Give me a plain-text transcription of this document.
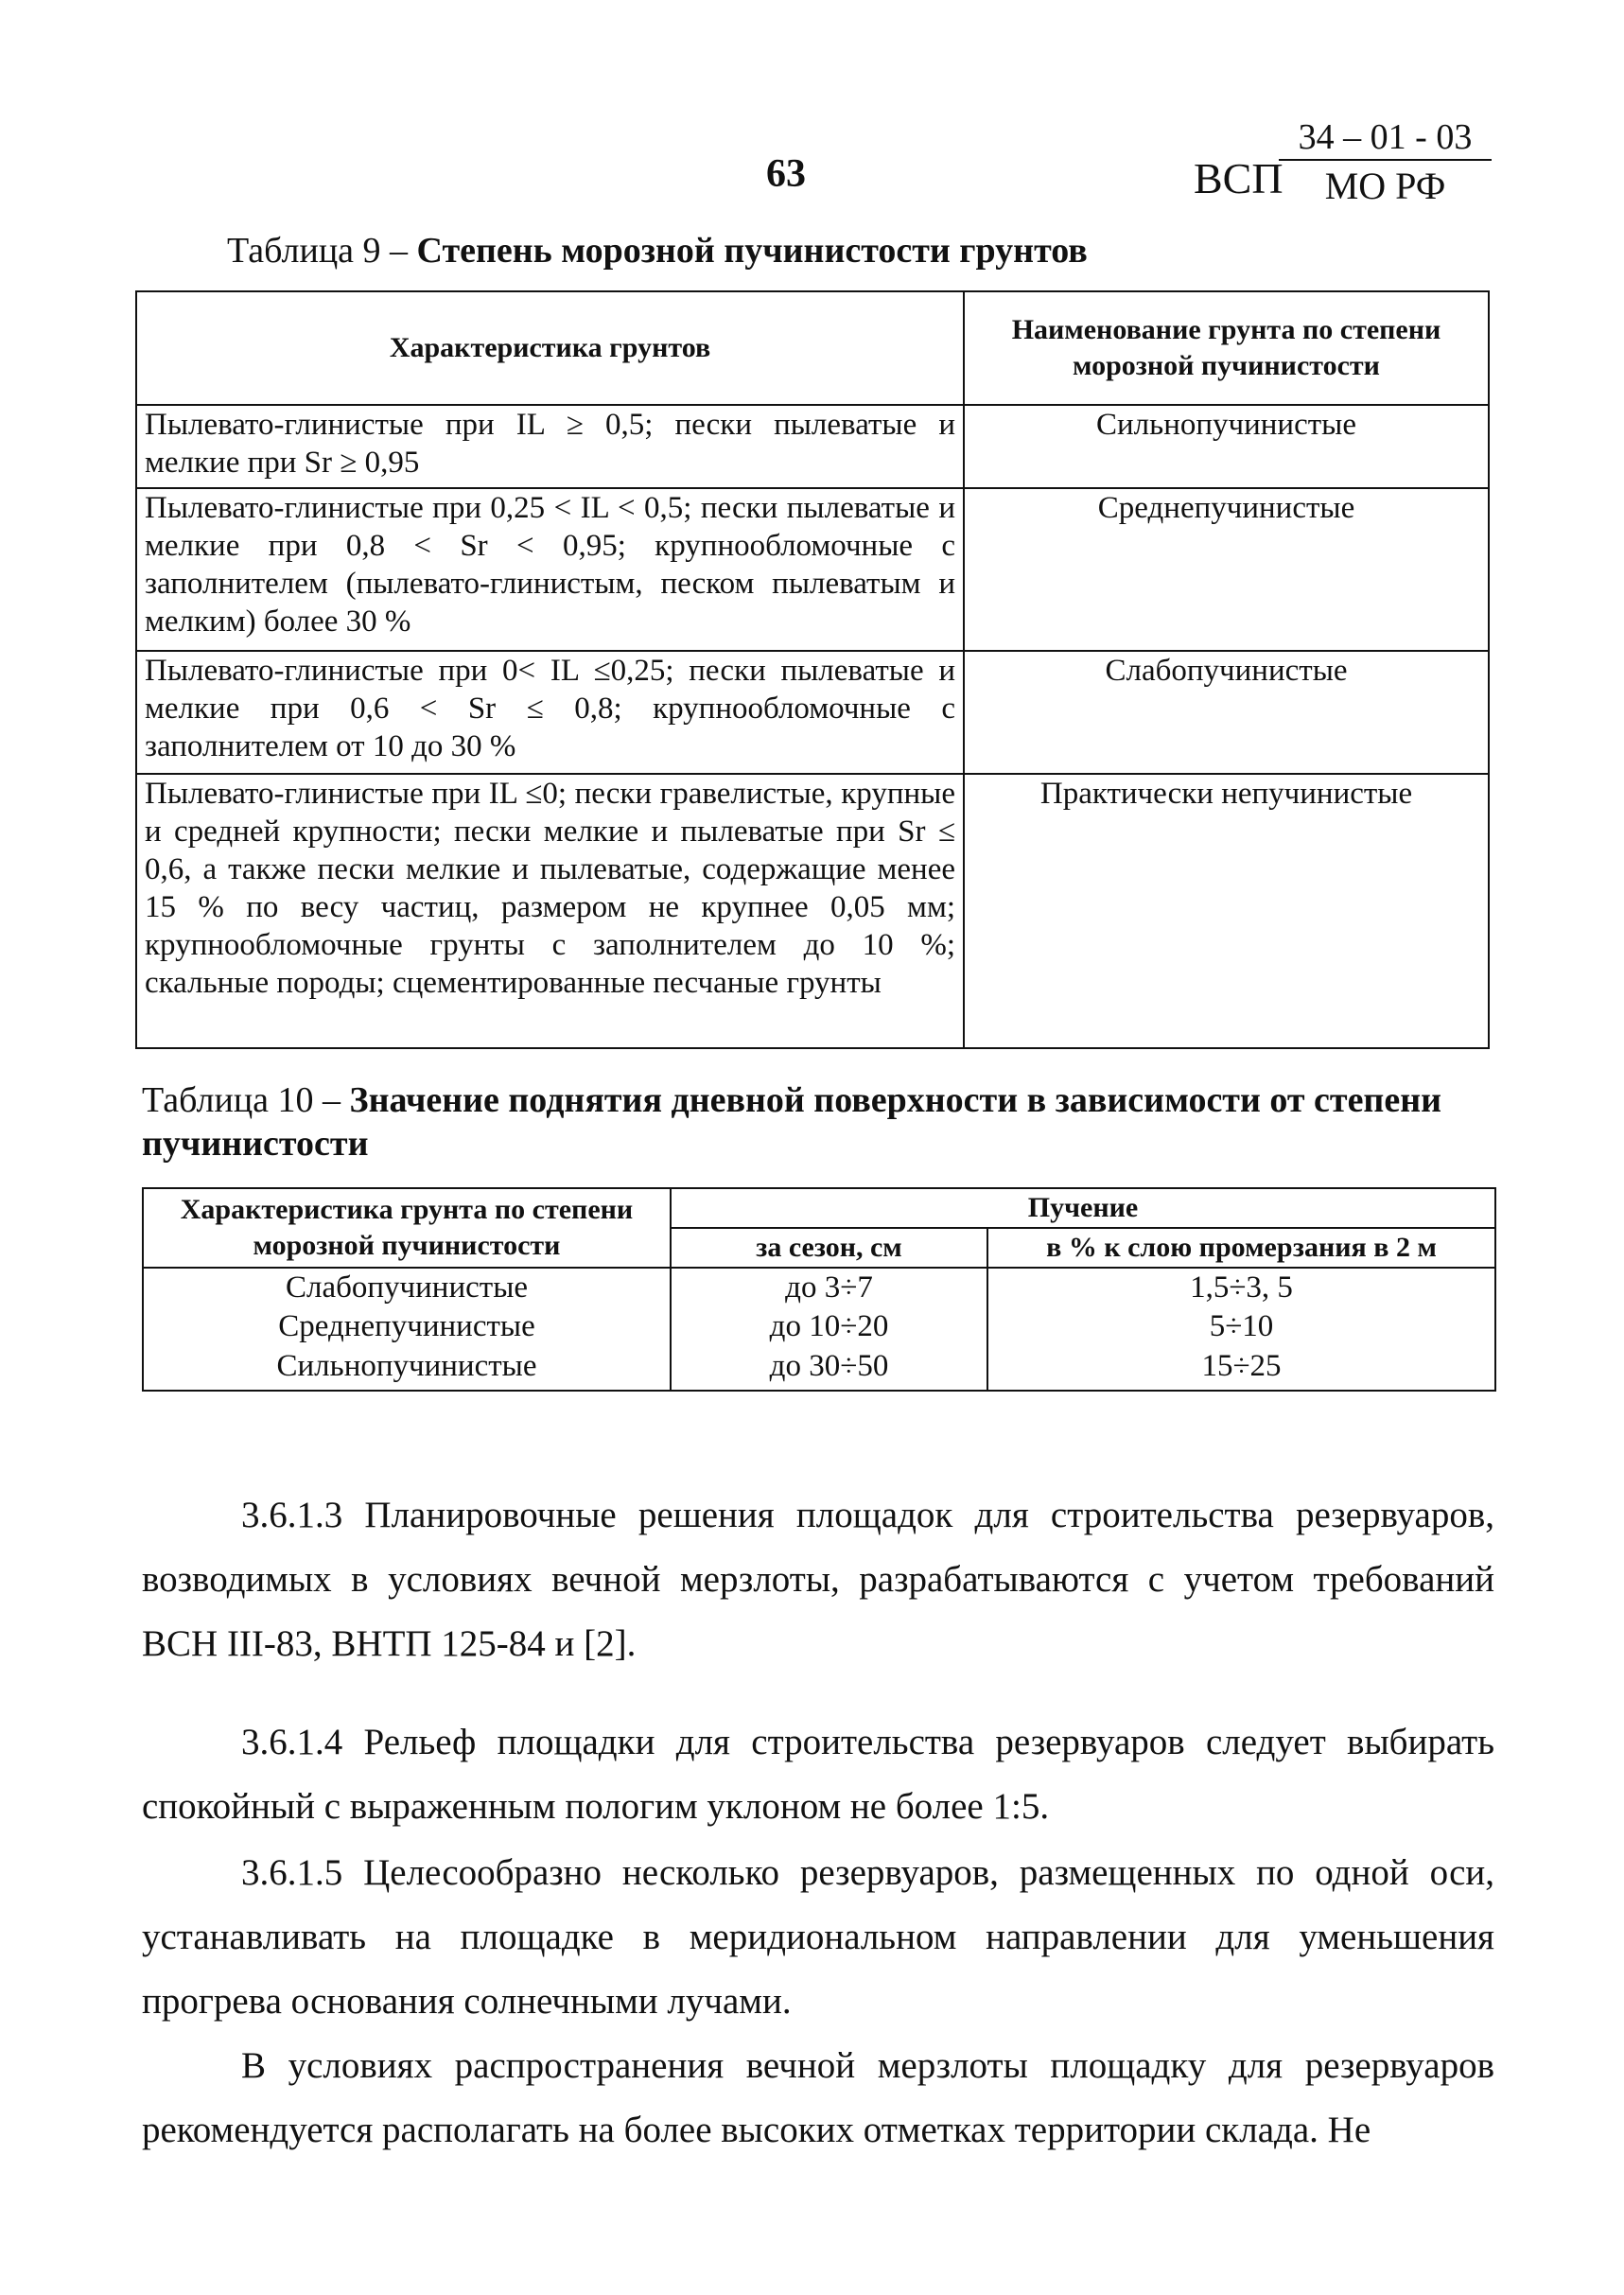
63	ВСП
34 – 01 - 03
МО РФ
Таблица 9 – Степень морозной пучинистости грунтов
Характеристика грунтов	Наименование грунта по степени морозной пучинистости
Пылевато-глинистые при IL ≥ 0,5; пески пылеватые и мелкие при Sr ≥ 0,95	Сильнопучинистые
Пылевато-глинистые при 0,25 < IL < 0,5; пески пылеватые и мелкие при 0,8 < Sr < 0,95; крупнообломочные с заполнителем (пылевато-глинистым, песком пылеватым и мелким) более 30 %	Среднепучинистые
Пылевато-глинистые при 0< IL ≤0,25; пески пылеватые и мелкие при 0,6 < Sr ≤ 0,8; крупнообломочные с заполнителем от 10 до 30 %	Слабопучинистые
Пылевато-глинистые при IL ≤0; пески гравелистые, крупные и средней крупности; пески мелкие и пылеватые при Sr ≤ 0,6, а также пески мелкие и пылеватые, содержащие менее 15 % по весу частиц, размером не крупнее 0,05 мм; крупнообломочные грунты с заполнителем до 10 %; скальные породы; сцементированные песчаные грунты	Практически непучинистые
Таблица 10 – Значение поднятия дневной поверхности в зависимости от степени пучинистости
Характеристика грунта по степени морозной пучинистости	Пучение	
	за сезон, см	в % к слою промерзания в 2 м
Слабопучинистые	до 3÷7	1,5÷3, 5
Среднепучинистые	до 10÷20	5÷10
Сильнопучинистые	до 30÷50	15÷25

3.6.1.3 Планировочные решения площадок для строительства резервуаров, возводимых в условиях вечной мерзлоты, разрабатываются с учетом требований ВСН III-83, ВНТП 125-84 и [2].

3.6.1.4 Рельеф площадки для строительства резервуаров следует выбирать спокойный с выраженным пологим уклоном не более 1:5.

3.6.1.5 Целесообразно несколько резервуаров, размещенных по одной оси, устанавливать на площадке в меридиональном направлении для уменьшения прогрева основания солнечными лучами.

В условиях распространения вечной мерзлоты площадку для резервуаров рекомендуется располагать на более высоких отметках территории склада. Не
